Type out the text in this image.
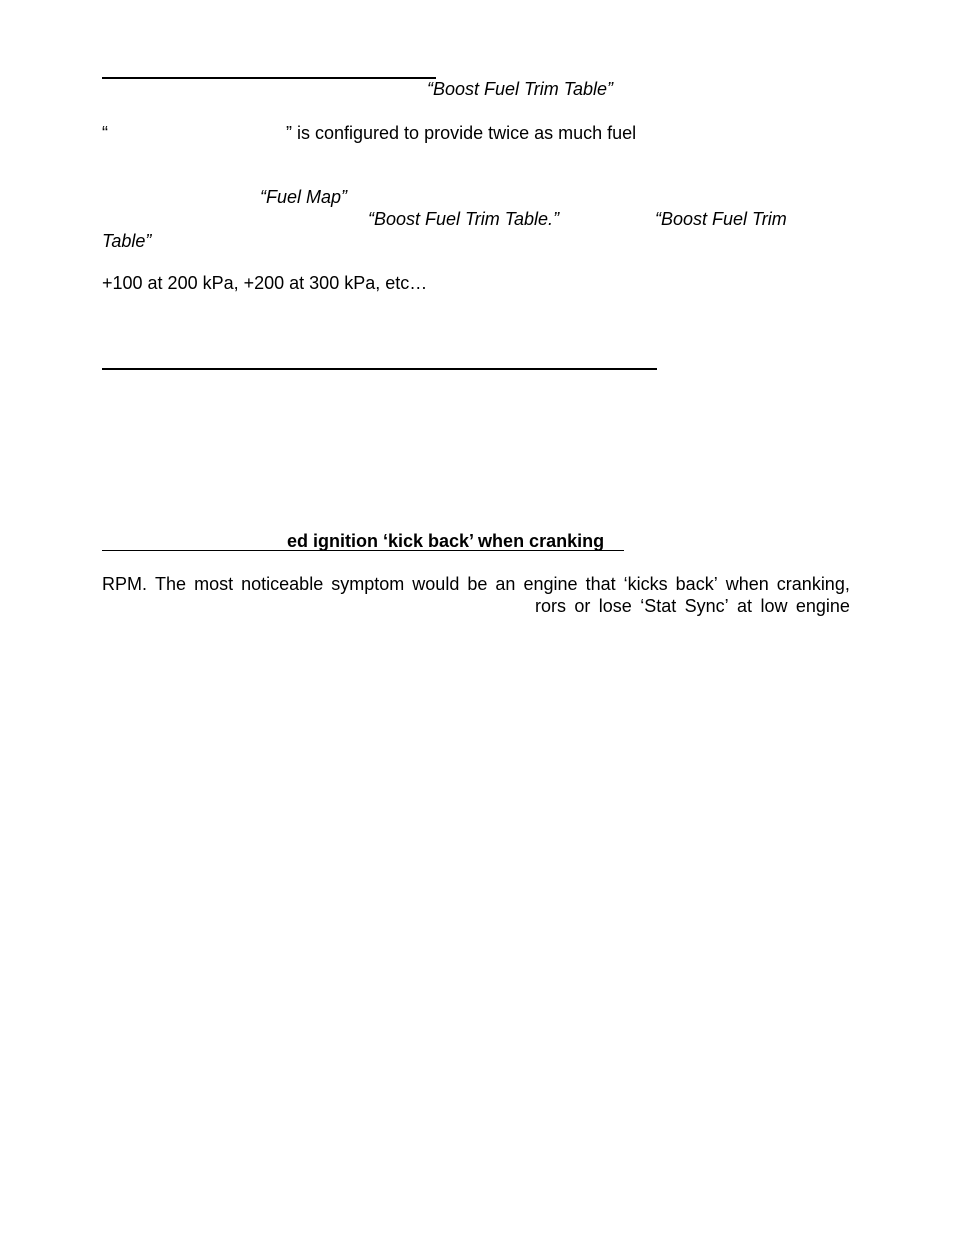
“Boost Fuel Trim Table”
“	” is configured to provide twice as much fuel
“Fuel Map”
“Boost Fuel Trim Table.”	“Boost Fuel Trim
Table”
+100 at 200 kPa, +200 at 300 kPa, etc…
ed ignition ‘kick back’ when cranking
RPM. The most noticeable symptom would be an engine that ‘kicks back’ when cranking,
rors or lose ‘Stat Sync’ at low engine
